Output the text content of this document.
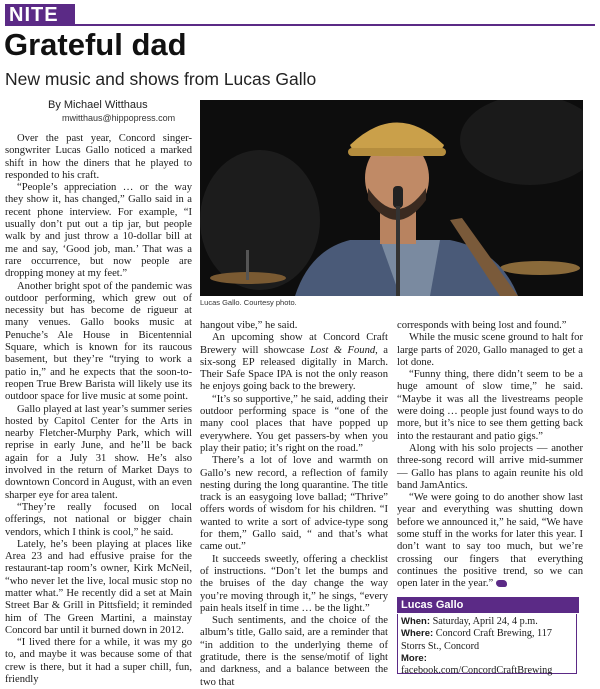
NITE
Grateful dad
New music and shows from Lucas Gallo
By Michael Witthaus
mwitthaus@hippopress.com

Over the past year, Concord singer-songwriter Lucas Gallo noticed a marked shift in how the diners that he played to responded to his craft.

“People’s appreciation … or the way they show it, has changed,” Gallo said in a recent phone interview. For example, “I usually don’t put out a tip jar, but people walk by and just throw a 10-dollar bill at me and say, ‘Good job, man.’ That was a rare occurrence, but now people are dropping money at my feet.”

Another bright spot of the pandemic was outdoor performing, which grew out of necessity but has become de rigueur at many venues. Gallo books music at Penuche’s Ale House in Bicentennial Square, which is known for its raucous basement, but they’re “trying to work a patio in,” and he expects that the soon-to-reopen True Brew Barista will likely use its outdoor space for live music at some point.

Gallo played at last year’s summer series hosted by Capitol Center for the Arts in nearby Fletcher-Murphy Park, which will reprise in early June, and he’ll be back again for a July 31 show. He’s also involved in the return of Market Days to downtown Concord in August, with an even sharper eye for area talent.

“They’re really focused on local offerings, not national or bigger chain vendors, which I think is cool,” he said.

Lately, he’s been playing at places like Area 23 and had effusive praise for the restaurant-tap room’s owner, Kirk McNeil, “who never let the live, local music stop no matter what.” He recently did a set at Main Street Bar & Grill in Pittsfield; it reminded him of The Green Martini, a mainstay Concord bar until it burned down in 2012.

“I lived there for a while, it was my go to, and maybe it was because some of that crew is there, but it had a super chill, fun, friendly

Lucas Gallo. Courtesy photo.

hangout vibe,” he said.

An upcoming show at Concord Craft Brewery will showcase Lost & Found, a six-song EP released digitally in March. Their Safe Space IPA is not the only reason he enjoys going back to the brewery.

“It’s so supportive,” he said, adding their outdoor performing space is “one of the many cool places that have popped up everywhere. You get passers-by when you play their patio; it’s right on the road.”

There’s a lot of love and warmth on Gallo’s new record, a reflection of family nesting during the long quarantine. The title track is an easygoing love ballad; “Thrive” offers words of wisdom for his children. “I wanted to write a sort of advice-type song for them,” Gallo said, “ and that’s what came out.”

It succeeds sweetly, offering a checklist of instructions. “Don’t let the bumps and the bruises of the day change the way you’re moving through it,” he sings, “every pain heals itself in time … be the light.”

Such sentiments, and the choice of the album’s title, Gallo said, are a reminder that “in addition to the underlying theme of gratitude, there is the sense/motif of light and darkness, and a balance between the two that

corresponds with being lost and found.”

While the music scene ground to halt for large parts of 2020, Gallo managed to get a lot done.

“Funny thing, there didn’t seem to be a huge amount of slow time,” he said. “Maybe it was all the livestreams people were doing … people just found ways to do more, but it’s nice to see them getting back into the restaurant and patio gigs.”

Along with his solo projects — another three-song record will arrive mid-summer — Gallo has plans to again reunite his old band JamAntics.

“We were going to do another show last year and everything was shutting down before we announced it,” he said, “We have some stuff in the works for later this year. I don’t want to say too much, but we’re crossing our fingers that everything continues the positive trend, so we can open later in the year.”

Lucas Gallo
When: Saturday, April 24, 4 p.m.
Where: Concord Craft Brewing, 117 Storrs St., Concord
More: facebook.com/ConcordCraftBrewing
